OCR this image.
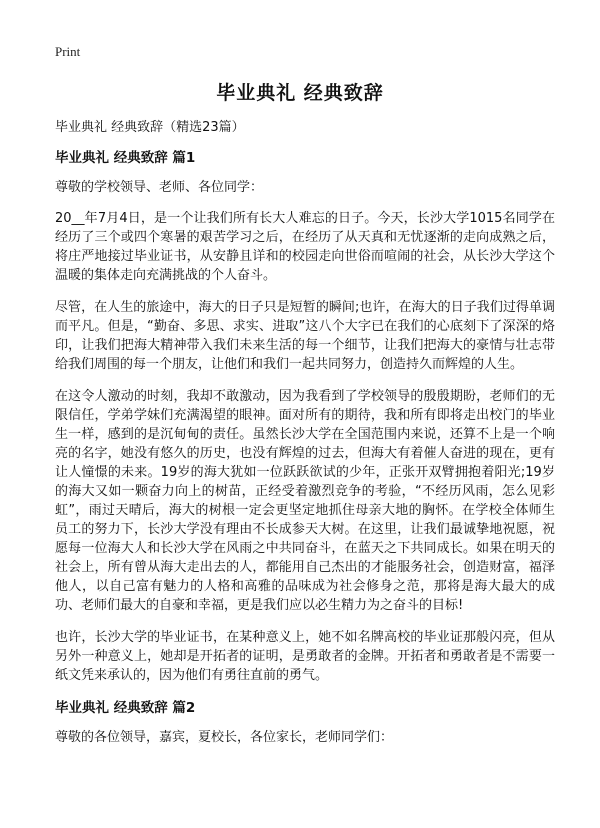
Print
毕业典礼 经典致辞

毕业典礼 经典致辞（精选23篇）

毕业典礼 经典致辞 篇1

尊敬的学校领导、老师、各位同学：

20__年7月4日，是一个让我们所有长大人难忘的日子。今天，长沙大学1015名同学在经历了三个或四个寒暑的艰苦学习之后，在经历了从天真和无忧逐渐的走向成熟之后，将庄严地接过毕业证书，从安静且详和的校园走向世俗而喧闹的社会，从长沙大学这个温暖的集体走向充满挑战的个人奋斗。

尽管，在人生的旅途中，海大的日子只是短暂的瞬间;也许，在海大的日子我们过得单调而平凡。但是，“勤奋、多思、求实、进取”这八个大字已在我们的心底刻下了深深的烙印，让我们把海大精神带入我们未来生活的每一个细节，让我们把海大的豪情与壮志带给我们周围的每一个朋友，让他们和我们一起共同努力，创造持久而辉煌的人生。

在这令人激动的时刻，我却不敢激动，因为我看到了学校领导的殷殷期盼，老师们的无限信任，学弟学妹们充满渴望的眼神。面对所有的期待，我和所有即将走出校门的毕业生一样，感到的是沉甸甸的责任。虽然长沙大学在全国范围内来说，还算不上是一个响亮的名字，她没有悠久的历史，也没有辉煌的过去，但海大有着催人奋进的现在，更有让人憧憬的未来。19岁的海大犹如一位跃跃欲试的少年，正张开双臂拥抱着阳光;19岁的海大又如一颗奋力向上的树苗，正经受着激烈竞争的考验，“不经历风雨，怎么见彩虹”，雨过天晴后，海大的树根一定会更坚定地抓住母亲大地的胸怀。在学校全体师生员工的努力下，长沙大学没有理由不长成参天大树。在这里，让我们最诚挚地祝愿，祝愿每一位海大人和长沙大学在风雨之中共同奋斗，在蓝天之下共同成长。如果在明天的社会上，所有曾从海大走出去的人，都能用自己杰出的才能服务社会，创造财富，福泽他人，以自己富有魅力的人格和高雅的品味成为社会修身之范，那将是海大最大的成功、老师们最大的自豪和幸福，更是我们应以必生精力为之奋斗的目标!

也许，长沙大学的毕业证书，在某种意义上，她不如名牌高校的毕业证那般闪亮，但从另外一种意义上，她却是开拓者的证明，是勇敢者的金牌。开拓者和勇敢者是不需要一纸文凭来承认的，因为他们有勇往直前的勇气。

毕业典礼 经典致辞 篇2

尊敬的各位领导，嘉宾，夏校长，各位家长，老师同学们：
